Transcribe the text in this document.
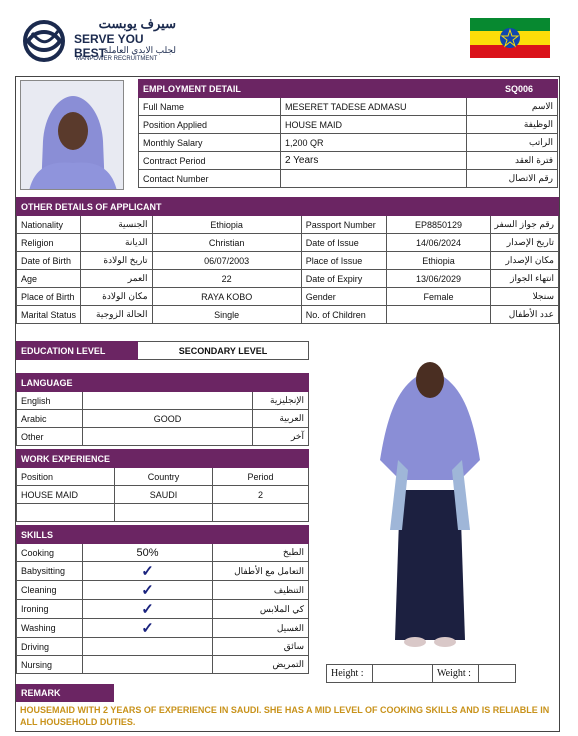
سيرف يوبست
SERVE YOU BEST
لجلب الايدي العاملة
MANPOWER RECRUITMENT
EMPLOYMENT DETAIL SQ006		

Full Name	MESERET TADESE ADMASU	الاسم
Position Applied	HOUSE MAID	الوظيفة
Monthly Salary	1,200 QR	الراتب
Contract Period	2 Years	فترة العقد
Contact Number		رقم الاتصال
OTHER DETAILS OF APPLICANT					
Nationality	الجنسية	Ethiopia	Passport Number	EP8850129	رقم جواز السفر
Religion	الديانة	Christian	Date of Issue	14/06/2024	تاريخ الإصدار
Date of Birth	تاريخ الولادة	06/07/2003	Place of Issue	Ethiopia	مكان الإصدار
Age	العمر	22	Date of Expiry	13/06/2029	انتهاء الجواز
Place of Birth	مكان الولادة	RAYA KOBO	Gender	Female	سنجلا
Marital Status	الحالة الزوجية	Single	No. of Children		عدد الأطفال
EDUCATION LEVEL	SECONDARY LEVEL
LANGUAGE		
English		الإنجليزية
Arabic	GOOD	العربية
Other		آخر
WORK EXPERIENCE		
Position	Country	Period
HOUSE MAID	SAUDI	2

SKILLS		
Cooking	50%	الطبخ
Babysitting	✓	التعامل مع الأطفال
Cleaning	✓	التنظيف
Ironing	✓	كي الملابس
Washing	✓	الغسيل
Driving		سائق
Nursing		التمريض
Height :		Weight :	
REMARK
HOUSEMAID WITH 2 YEARS OF EXPERIENCE IN SAUDI. SHE HAS A MID LEVEL OF COOKING SKILLS AND IS RELIABLE IN ALL HOUSEHOLD DUTIES.
